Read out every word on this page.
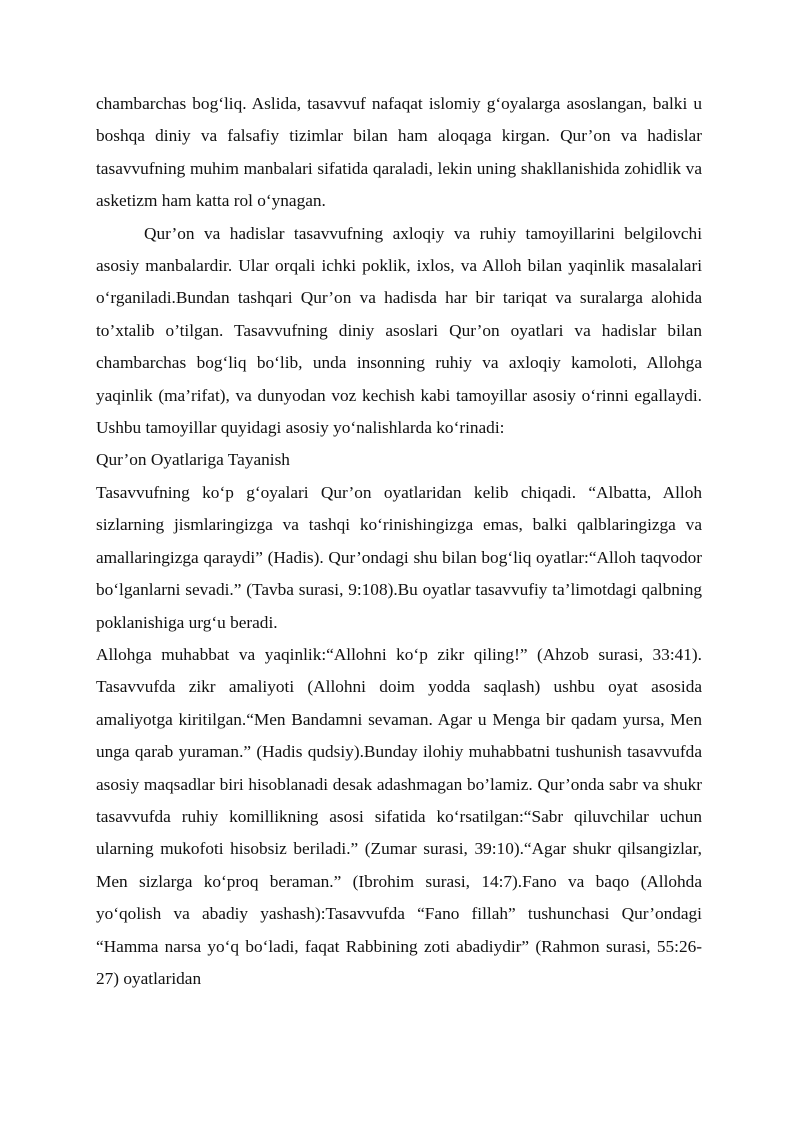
chambarchas bog‘liq. Aslida, tasavvuf nafaqat islomiy g‘oyalarga asoslangan, balki u boshqa diniy va falsafiy tizimlar bilan ham aloqaga kirgan. Qur’on va hadislar tasavvufning muhim manbalari sifatida qaraladi, lekin uning shakllanishida zohidlik va asketizm ham katta rol o‘ynagan.

Qur’on va hadislar tasavvufning axloqiy va ruhiy tamoyillarini belgilovchi asosiy manbalardir. Ular orqali ichki poklik, ixlos, va Alloh bilan yaqinlik masalalari o‘rganiladi.Bundan tashqari Qur’on va hadisda har bir tariqat va suralarga alohida to’xtalib o’tilgan. Tasavvufning diniy asoslari Qur’on oyatlari va hadislar bilan chambarchas bog‘liq bo‘lib, unda insonning ruhiy va axloqiy kamoloti, Allohga yaqinlik (ma’rifat), va dunyodan voz kechish kabi tamoyillar asosiy o‘rinni egallaydi. Ushbu tamoyillar quyidagi asosiy yo‘nalishlarda ko‘rinadi:

Qur’on Oyatlariga Tayanish

Tasavvufning ko‘p g‘oyalari Qur’on oyatlaridan kelib chiqadi. “Albatta, Alloh sizlarning jismlaringizga va tashqi ko‘rinishingizga emas, balki qalblaringizga va amallaringizga qaraydi” (Hadis). Qur’ondagi shu bilan bog‘liq oyatlar:“Alloh taqvodor bo‘lganlarni sevadi.” (Tavba surasi, 9:108).Bu oyatlar tasavvufiy ta’limotdagi qalbning poklanishiga urg‘u beradi.

Allohga muhabbat va yaqinlik:“Allohni ko‘p zikr qiling!” (Ahzob surasi, 33:41). Tasavvufda zikr amaliyoti (Allohni doim yodda saqlash) ushbu oyat asosida amaliyotga kiritilgan.“Men Bandamni sevaman. Agar u Menga bir qadam yursa, Men unga qarab yuraman.” (Hadis qudsiy).Bunday ilohiy muhabbatni tushunish tasavvufda asosiy maqsadlar biri hisoblanadi desak adashmagan bo’lamiz. Qur’onda sabr va shukr tasavvufda ruhiy komillikning asosi sifatida ko‘rsatilgan:“Sabr qiluvchilar uchun ularning mukofoti hisobsiz beriladi.” (Zumar surasi, 39:10).“Agar shukr qilsangizlar, Men sizlarga ko‘proq beraman.” (Ibrohim surasi, 14:7).Fano va baqo (Allohda yo‘qolish va abadiy yashash):Tasavvufda “Fano fillah” tushunchasi Qur’ondagi “Hamma narsa yo‘q bo‘ladi, faqat Rabbining zoti abadiydir” (Rahmon surasi, 55:26-27) oyatlaridan
